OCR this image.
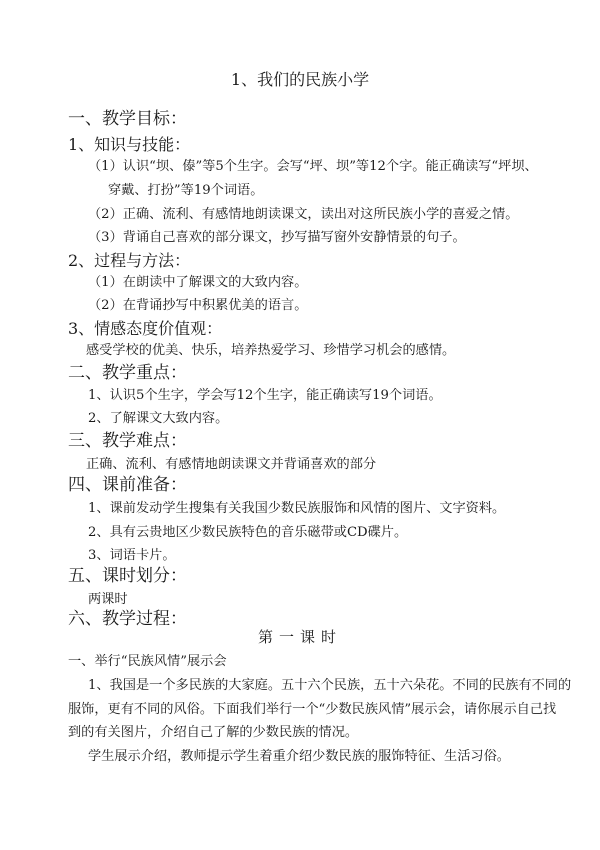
1、我们的民族小学
一、教学目标：
1、知识与技能：
（1）认识“坝、傣”等5个生字。会写“坪、坝”等12个字。能正确读写“坪坝、
穿戴、打扮”等19个词语。
（2）正确、流利、有感情地朗读课文，读出对这所民族小学的喜爱之情。
（3）背诵自己喜欢的部分课文，抄写描写窗外安静情景的句子。
2、过程与方法：
（1）在朗读中了解课文的大致内容。
（2）在背诵抄写中积累优美的语言。
3、情感态度价值观：
感受学校的优美、快乐，培养热爱学习、珍惜学习机会的感情。
二、教学重点：
1、认识5个生字，学会写12个生字，能正确读写19个词语。
2、了解课文大致内容。
三、教学难点：
正确、流利、有感情地朗读课文并背诵喜欢的部分
四、课前准备：
1、课前发动学生搜集有关我国少数民族服饰和风情的图片、文字资料。
2、具有云贵地区少数民族特色的音乐磁带或CD碟片。
3、词语卡片。
五、课时划分：
两课时
六、教学过程：
第一课时
一、举行“民族风情”展示会
1、我国是一个多民族的大家庭。五十六个民族，五十六朵花。不同的民族有不同的
服饰，更有不同的风俗。下面我们举行一个“少数民族风情”展示会，请你展示自己找
到的有关图片，介绍自己了解的少数民族的情况。
学生展示介绍，教师提示学生着重介绍少数民族的服饰特征、生活习俗。
